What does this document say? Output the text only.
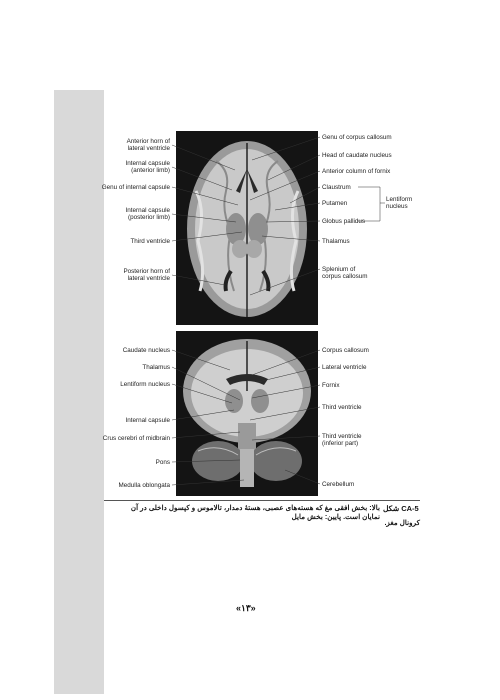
Anterior horn of
lateral ventricle
Internal capsule
(anterior limb)
Genu of internal capsule
Internal capsule
(posterior limb)
Third ventricle
Posterior horn of
lateral ventricle
Genu of corpus callosum
Head of caudate nucleus
Anterior column of fornix
Claustrum
Putamen
Globus pallidus
Thalamus
Splenium of
corpus callosum
Lentiform
nucleus
Caudate nucleus
Thalamus
Lentiform nucleus
Internal capsule
Crus cerebri of midbrain
Pons
Medulla oblongata
Corpus callosum
Lateral ventricle
Fornix
Third ventricle
Third ventricle
(inferior part)
Cerebellum
شکل CA-5
بالا: بخش افقی مغ که هسته‌های عصبی، هستهٔ دمدار، تالاموس و کپسول داخلی در آن نمایان است. پایین: بخش مایل
کرونال مغز.
«۱۳»
